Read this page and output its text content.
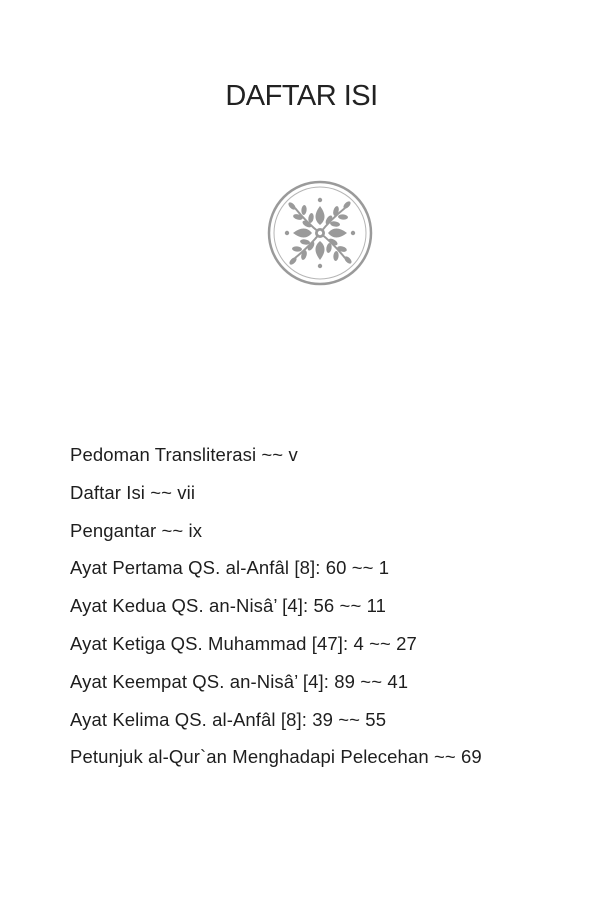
DAFTAR ISI
Pedoman Transliterasi ~~ v
Daftar Isi ~~ vii
Pengantar ~~ ix
Ayat Pertama QS. al-Anfâl [8]: 60 ~~ 1
Ayat Kedua QS. an-Nisâ’ [4]: 56 ~~ 11
Ayat Ketiga QS. Muhammad [47]: 4 ~~ 27
Ayat Keempat QS. an-Nisâ’ [4]: 89 ~~ 41
Ayat Kelima QS. al-Anfâl [8]: 39 ~~ 55
Petunjuk al-Qur`an Menghadapi Pelecehan ~~ 69
